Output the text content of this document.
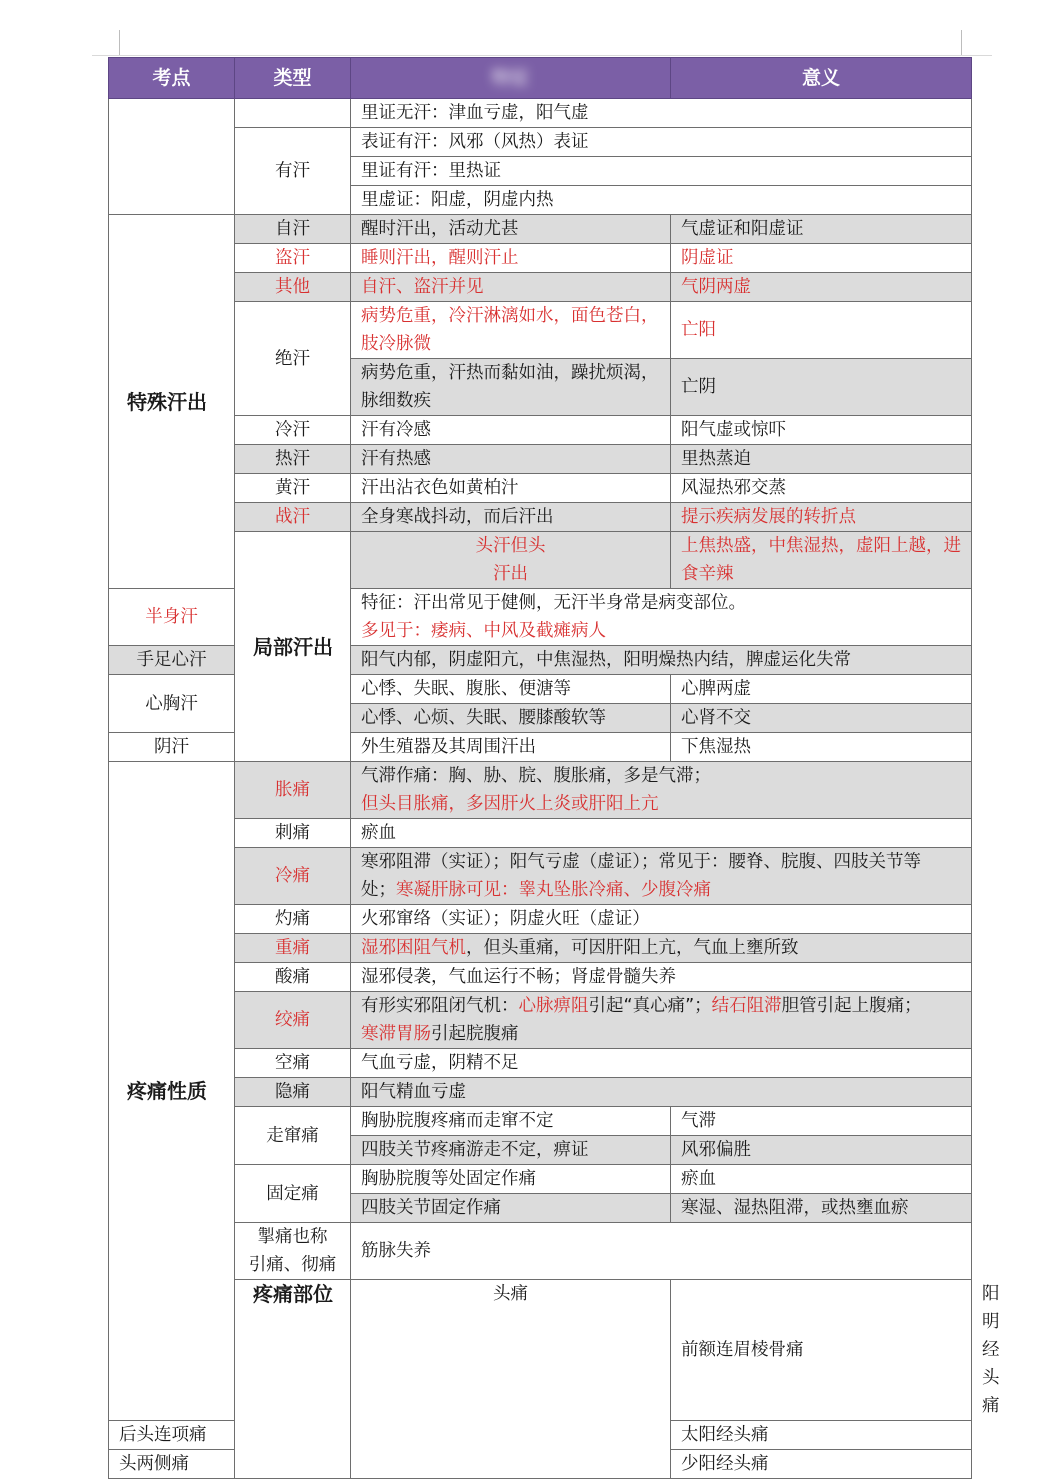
考点	类型	特征	意义	
		里证无汗：津血亏虚，阳气虚		
	有汗	表证有汗：风邪（风热）表证		
		里证有汗：里热证		
		里虚证：阳虚，阴虚内热		
特殊汗出	自汗	醒时汗出，活动尤甚	气虚证和阳虚证	
	盗汗	睡则汗出，醒则汗止	阴虚证	
	其他	自汗、盗汗并见	气阴两虚	
	绝汗	病势危重，冷汗淋漓如水，面色苍白，肢冷脉微	亡阳	
		病势危重，汗热而黏如油，躁扰烦渴，脉细数疾	亡阴	
	冷汗	汗有冷感	阳气虚或惊吓	
	热汗	汗有热感	里热蒸迫	
	黄汗	汗出沾衣色如黄柏汁	风湿热邪交蒸	
	战汗	全身寒战抖动，而后汗出	提示疾病发展的转折点	
	局部汗出	头汗但头汗出	上焦热盛，中焦湿热，虚阳上越，进食辛辣	
半身汗		特征：汗出常见于健侧，无汗半身常是病变部位。
多见于：痿病、中风及截瘫病人		

手足心汗		阳气内郁，阴虚阳亢，中焦湿热，阳明燥热内结，脾虚运化失常		
心胸汗		心悸、失眠、腹胀、便溏等	心脾两虚	
		心悸、心烦、失眠、腰膝酸软等	心肾不交	
阴汗		外生殖器及其周围汗出	下焦湿热	
疼痛性质	胀痛	气滞作痛：胸、胁、脘、腹胀痛，多是气滞；
但头目胀痛，多因肝火上炎或肝阳上亢		

	刺痛	瘀血		
	冷痛	寒邪阻滞（实证）；阳气亏虚（虚证）；常见于：腰脊、脘腹、四肢关节等
处；寒凝肝脉可见：睾丸坠胀冷痛、少腹冷痛		

	灼痛	火邪窜络（实证）；阴虚火旺（虚证）		
	重痛	湿邪困阻气机，但头重痛，可因肝阳上亢，气血上壅所致		
	酸痛	湿邪侵袭，气血运行不畅；肾虚骨髓失养		
	绞痛	有形实邪阻闭气机：心脉痹阻引起“真心痛”；结石阻滞胆管引起上腹痛；
寒滞胃肠引起脘腹痛		

	空痛	气血亏虚，阴精不足		
	隐痛	阳气精血亏虚		
	走窜痛	胸胁脘腹疼痛而走窜不定	气滞	
		四肢关节疼痛游走不定，痹证	风邪偏胜	
	固定痛	胸胁脘腹等处固定作痛	瘀血	
		四肢关节固定作痛	寒湿、湿热阻滞，或热壅血瘀	

	掣痛也称
引痛、彻痛	筋脉失养		
	疼痛部位	头痛	前额连眉棱骨痛	阳明经头痛
后头连项痛			太阳经头痛	
头两侧痛			少阳经头痛	
